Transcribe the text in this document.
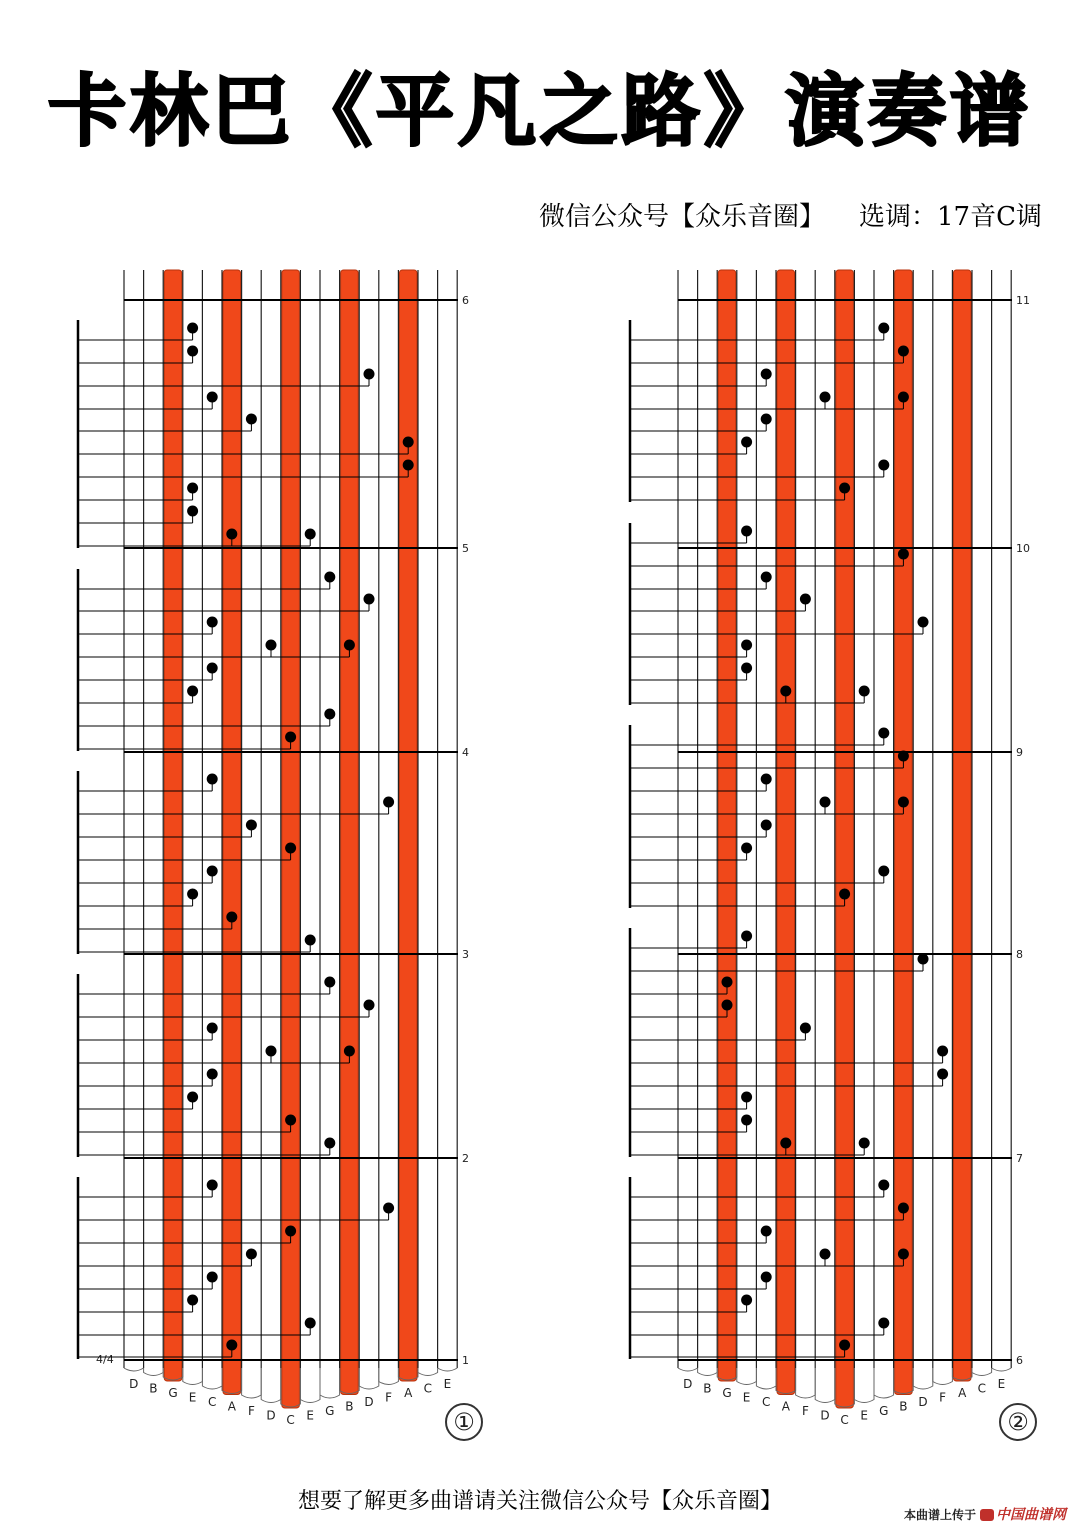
卡林巴《平凡之路》演奏谱
微信公众号【众乐音圈】 选调：17音C调
D B G E C A F D C E G B D F A C E
6
5
4
3
2
1
4/4
D B G E C A F D C E G B D F A C E
11
10
9
8
7
6
①	②
想要了解更多曲谱请关注微信公众号【众乐音圈】
本曲谱上传于 中国曲谱网
